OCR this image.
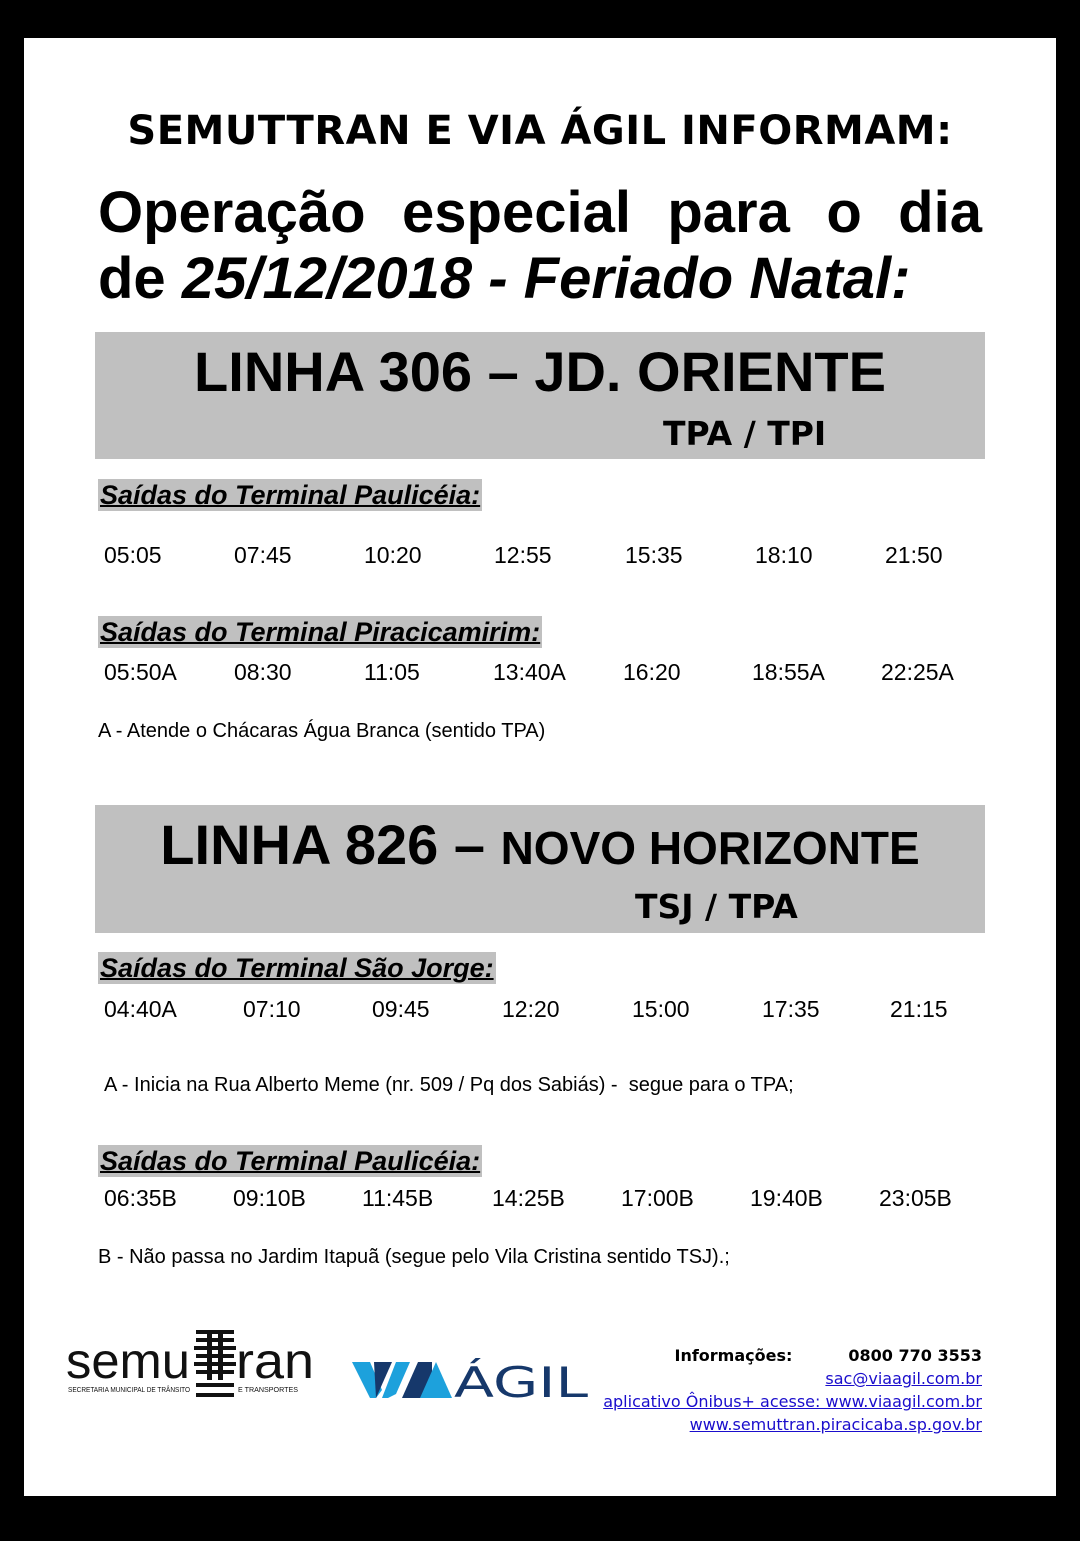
SEMUTTRAN E VIA ÁGIL INFORMAM:
Operação especial para o dia
de 25/12/2018 - Feriado Natal:
LINHA 306 – JD. ORIENTE
TPA / TPI
Saídas do Terminal Paulicéia:
05:05	07:45	10:20	12:55	15:35	18:10	21:50
Saídas do Terminal Piracicamirim:
05:50A 08:30	11:05	13:40A 16:20	18:55A 22:25A
A - Atende o Chácaras Água Branca (sentido TPA)
LINHA 826 – NOVO HORIZONTE
TSJ / TPA
Saídas do Terminal São Jorge:
04:40A	07:10	09:45	12:20	15:00	17:35	21:15
A - Inicia na Rua Alberto Meme (nr. 509 / Pq dos Sabiás) -  segue para o TPA;
Saídas do Terminal Paulicéia:
06:35B 09:10B 11:45B	14:25B 17:00B 19:40B 23:05B
B - Não passa no Jardim Itapuã (segue pelo Vila Cristina sentido TSJ).;
semu ran
SECRETARIA MUNICIPAL DE TRÂNSITO	E TRANSPORTES	ÁGIL
Informações:	0800 770 3553
sac@viaagil.com.br
aplicativo Ônibus+ acesse: www.viaagil.com.br
www.semuttran.piracicaba.sp.gov.br
